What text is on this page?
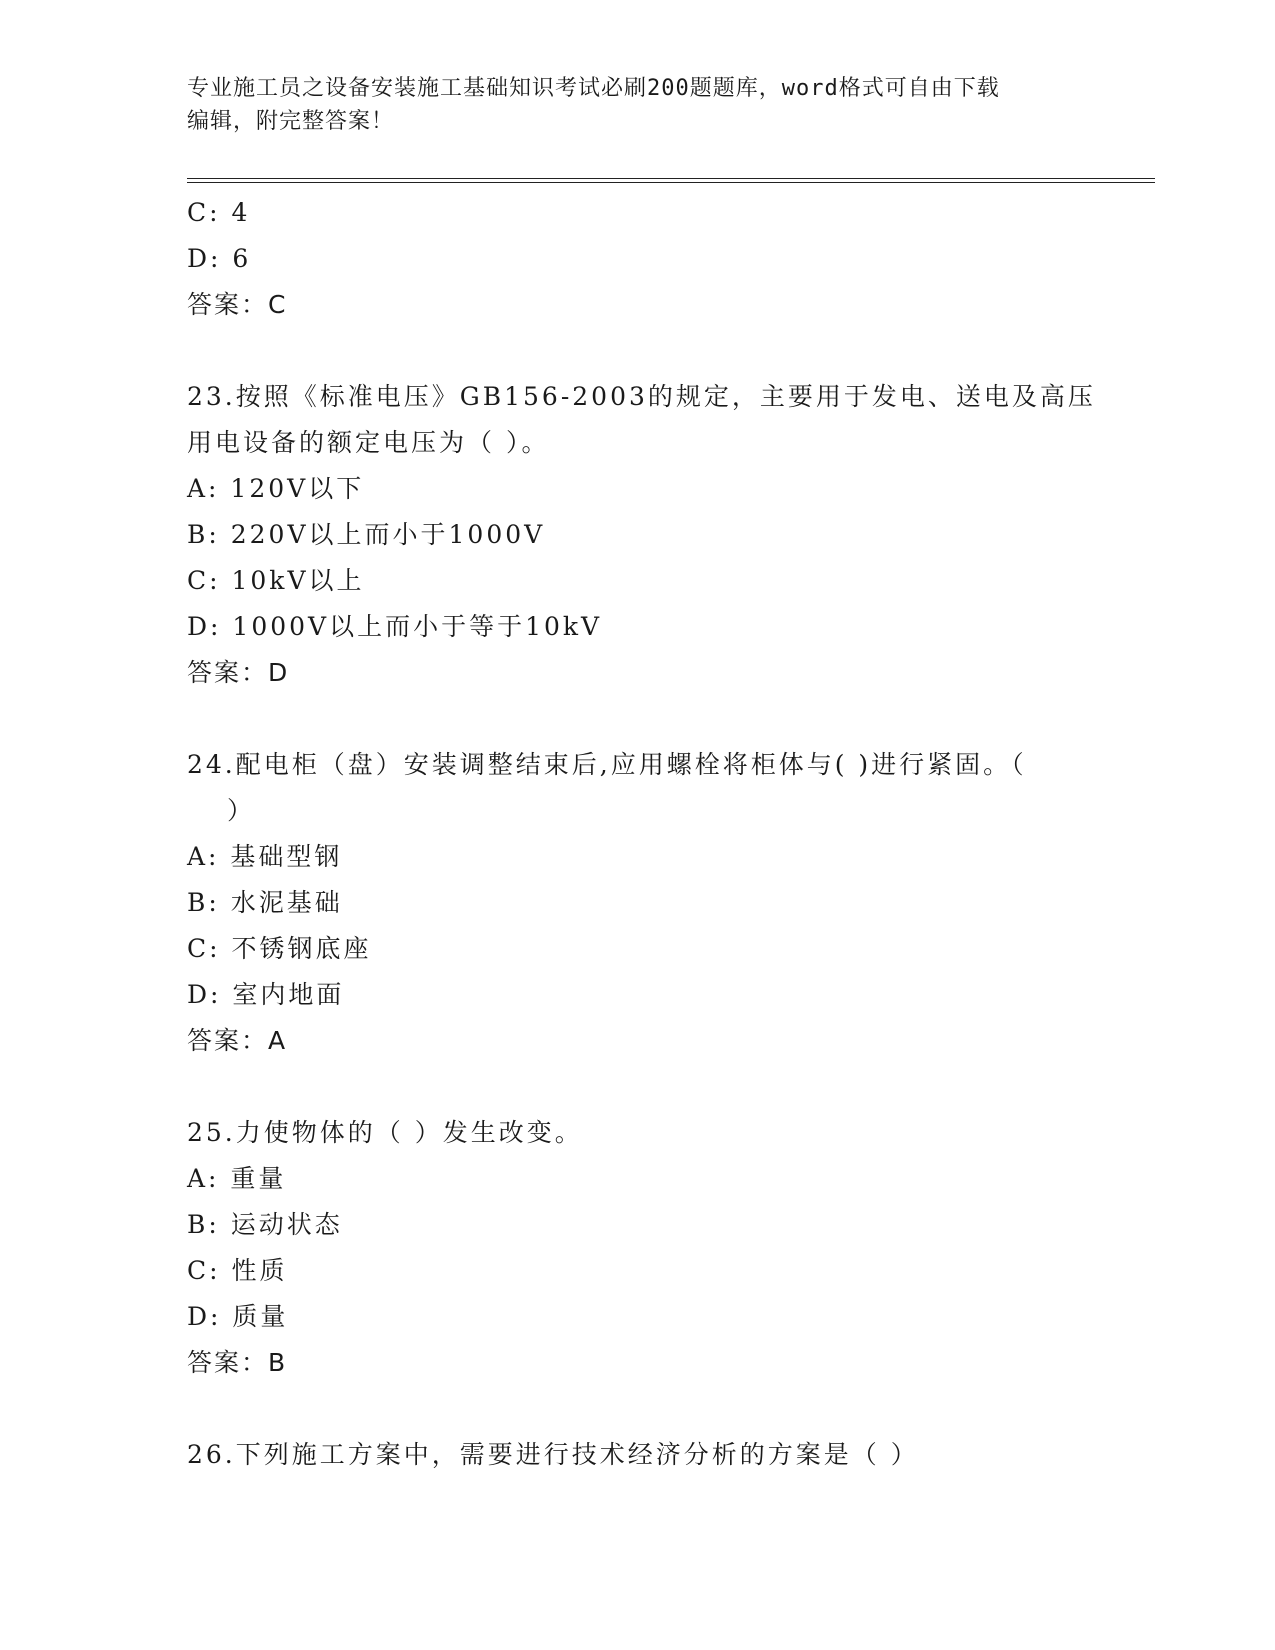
专业施工员之设备安装施工基础知识考试必刷200题题库，word格式可自由下载
编辑，附完整答案！
C: 4
D: 6
答案：C
23.按照《标准电压》GB156-2003的规定，主要用于发电、送电及高压
用电设备的额定电压为（ ）。
A: 120V以下
B: 220V以上而小于1000V
C: 10kV以上
D: 1000V以上而小于等于10kV
答案：D
24.配电柜（盘）安装调整结束后,应用螺栓将柜体与( )进行紧固。（
）
A: 基础型钢
B: 水泥基础
C: 不锈钢底座
D: 室内地面
答案：A
25.力使物体的（ ）发生改变。
A: 重量
B: 运动状态
C: 性质
D: 质量
答案：B
26.下列施工方案中，需要进行技术经济分析的方案是（ ）
